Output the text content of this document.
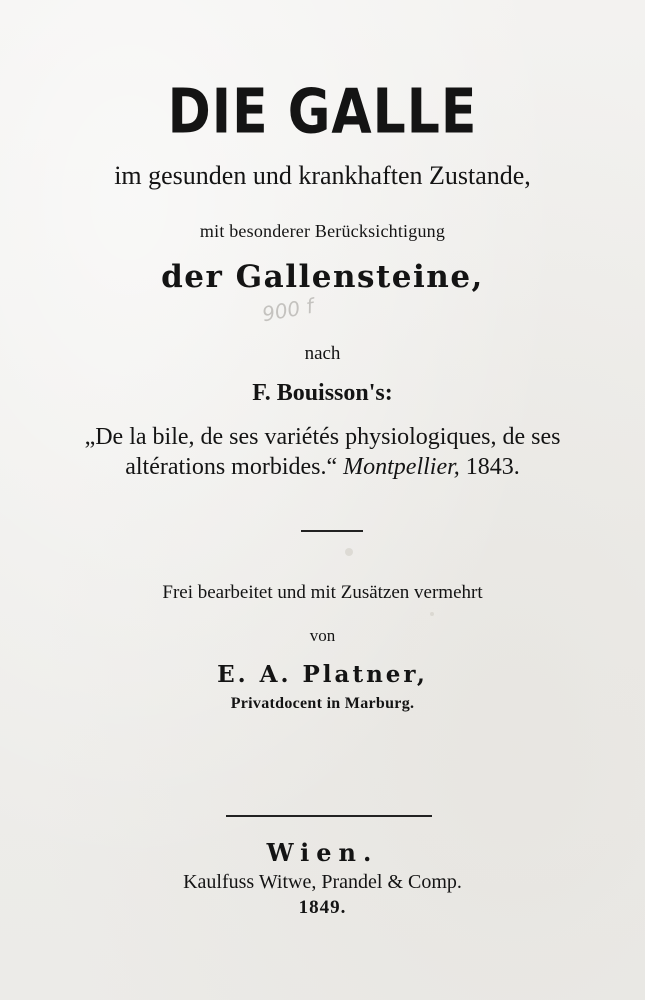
DIE GALLE
im gesunden und krankhaften Zustande,
mit besonderer Berücksichtigung
der Gallensteine,
900 f
nach
F. Bouisson's:
„De la bile, de ses variétés physiologiques, de ses
altérations morbides.“ Montpellier, 1843.
Frei bearbeitet und mit Zusätzen vermehrt
von
E. A. Platner,
Privatdocent in Marburg.
Wien.
Kaulfuss Witwe, Prandel & Comp.
1849.
